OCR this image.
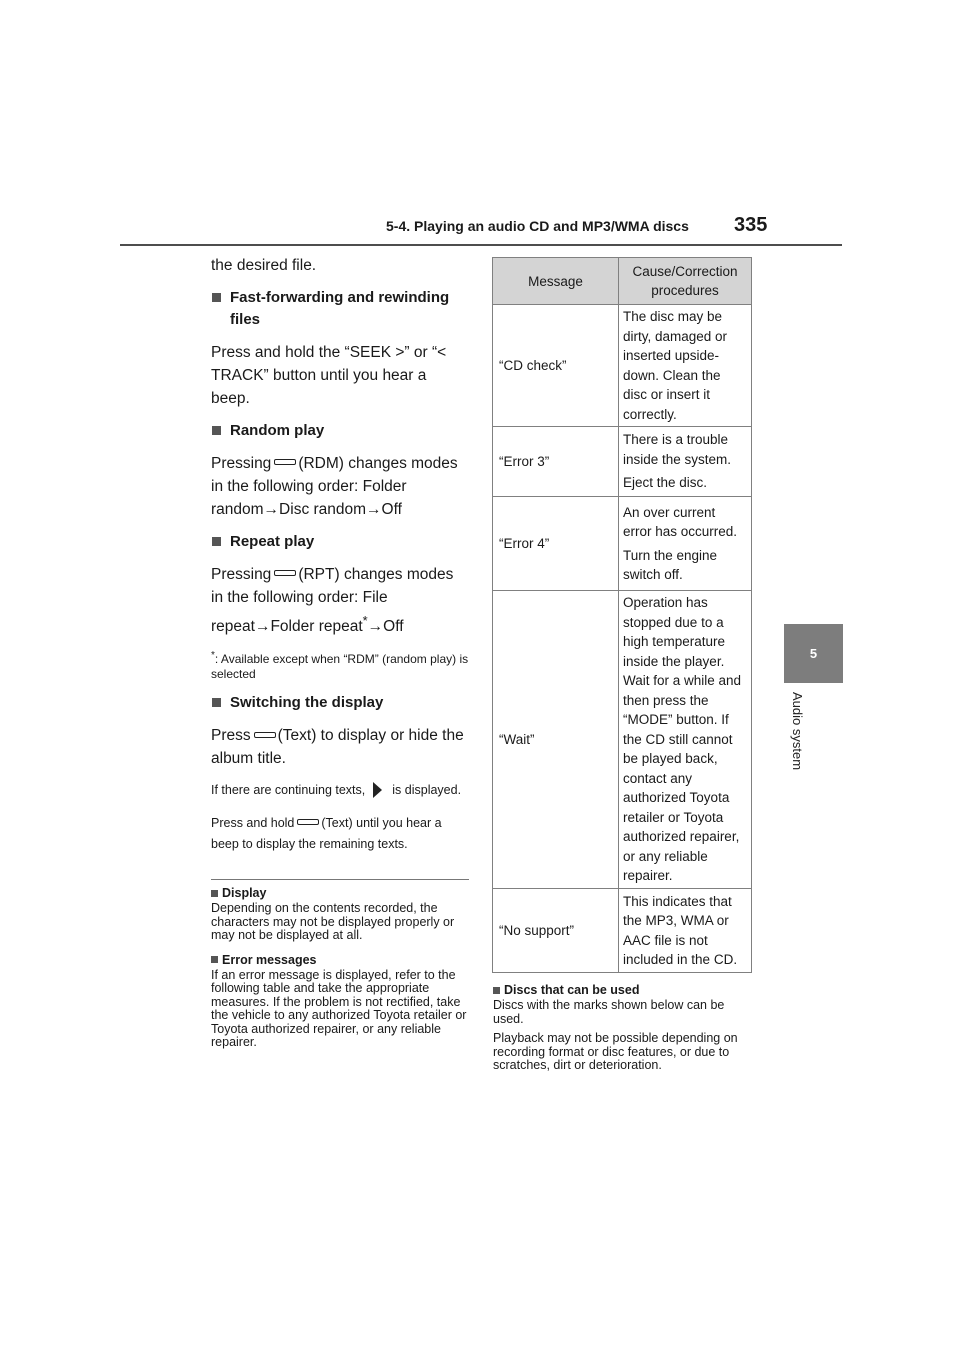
5-4. Playing an audio CD and MP3/WMA discs 335
5
Audio system

the desired file.

Fast-forwarding and rewinding files

Press and hold the “SEEK >” or “< TRACK” button until you hear a beep.

Random play

Pressing (RDM) changes modes in the following order: Folder random→Disc random→Off

Repeat play

Pressing (RPT) changes modes in the following order: File repeat→Folder repeat*→Off

*: Available except when “RDM” (random play) is selected

Switching the display

Press (Text) to display or hide the album title.

If there are continuing texts, is displayed.

Press and hold (Text) until you hear a beep to display the remaining texts.

Display

Depending on the contents recorded, the characters may not be displayed properly or may not be displayed at all.

Error messages

If an error message is displayed, refer to the following table and take the appropriate measures. If the problem is not rectified, take the vehicle to any authorized Toyota retailer or Toyota authorized repairer, or any reliable repairer.

Message	Cause/Correction procedures
“CD check”	The disc may be dirty, damaged or inserted upside-down. Clean the disc or insert it correctly.

“Error 3”	There is a trouble inside the system.
Eject the disc.

“Error 4”	An over current error has occurred.
Turn the engine switch off.

“Wait”	Operation has stopped due to a high temperature inside the player. Wait for a while and then press the “MODE” button. If the CD still cannot be played back, contact any authorized Toyota retailer or Toyota authorized repairer, or any reliable repairer.

“No support”	This indicates that the MP3, WMA or AAC file is not included in the CD.
Discs that can be used

Discs with the marks shown below can be used.

Playback may not be possible depending on recording format or disc features, or due to scratches, dirt or deterioration.
